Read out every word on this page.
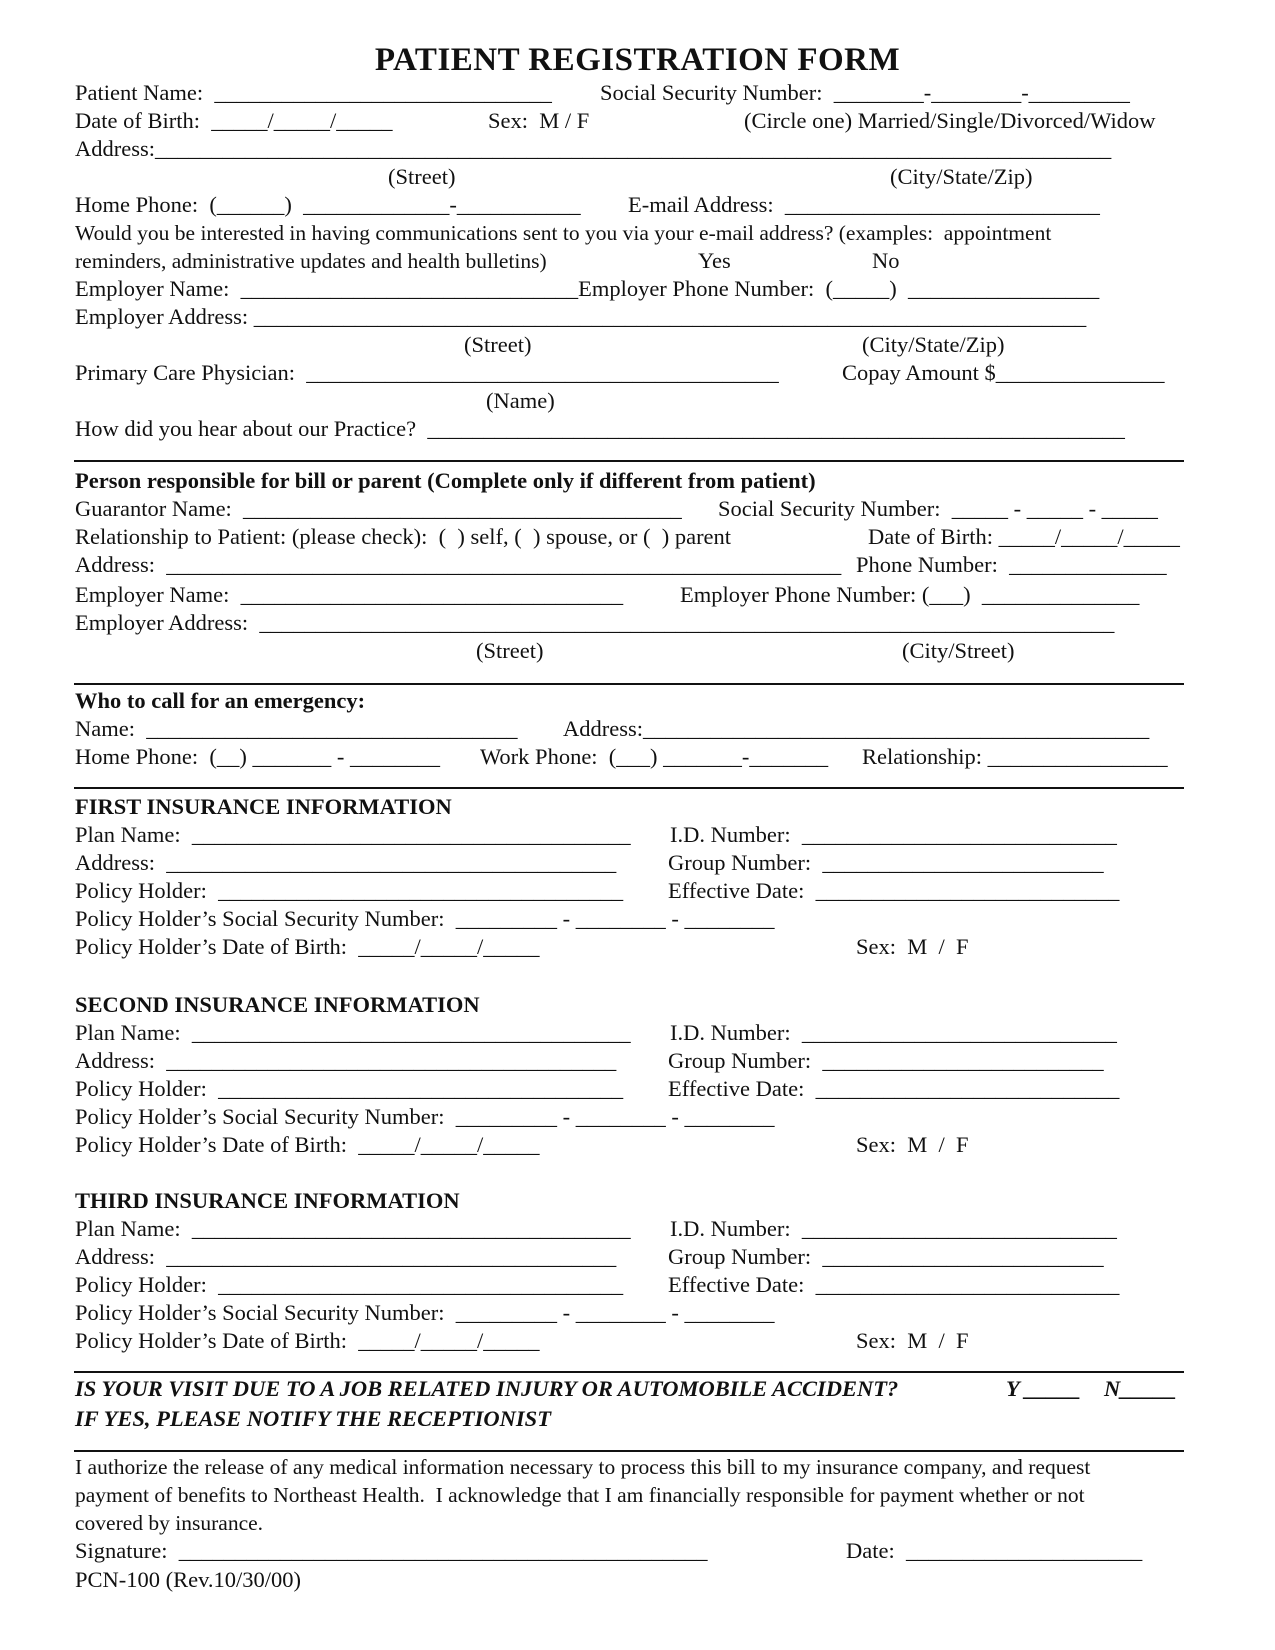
PATIENT REGISTRATION FORM
Patient Name:  ______________________________ Social Security Number:  ________-________-_________
Date of Birth:  _____/_____/_____	Sex:  M / F	(Circle one) Married/Single/Divorced/Widow
Address:_____________________________________________________________________________________
(Street)	(City/State/Zip)
Home Phone:  (______)  _____________-___________ E-mail Address:  ____________________________
Would you be interested in having communications sent to you via your e-mail address? (examples:  appointment
reminders, administrative updates and health bulletins)	Yes	No
Employer Name:  ______________________________Employer Phone Number:  (_____)  _________________
Employer Address: __________________________________________________________________________
(Street)	(City/State/Zip)
Primary Care Physician:  __________________________________________	Copay Amount $_______________
(Name)
How did you hear about our Practice?  ______________________________________________________________
Person responsible for bill or parent (Complete only if different from patient)
Guarantor Name:  _______________________________________ Social Security Number:  _____ - _____ - _____
Relationship to Patient: (please check):  (  ) self, (  ) spouse, or (  ) parent	Date of Birth: _____/_____/_____
Address:  ____________________________________________________________ Phone Number:  ______________
Employer Name:  __________________________________	Employer Phone Number: (___)  ______________
Employer Address:  ____________________________________________________________________________
(Street)	(City/Street)
Who to call for an emergency:
Name:  _________________________________ Address:_____________________________________________
Home Phone:  (__) _______ - ________ Work Phone:  (___) _______-_______ Relationship: ________________
FIRST INSURANCE INFORMATION
Plan Name:  _______________________________________ I.D. Number:  ____________________________
Address:  ________________________________________ Group Number:  _________________________
Policy Holder:  ____________________________________ Effective Date:  ___________________________
Policy Holder’s Social Security Number:  _________ - ________ - ________
Policy Holder’s Date of Birth:  _____/_____/_____	Sex:  M  /  F
SECOND INSURANCE INFORMATION
Plan Name:  _______________________________________ I.D. Number:  ____________________________
Address:  ________________________________________ Group Number:  _________________________
Policy Holder:  ____________________________________ Effective Date:  ___________________________
Policy Holder’s Social Security Number:  _________ - ________ - ________
Policy Holder’s Date of Birth:  _____/_____/_____	Sex:  M  /  F
THIRD INSURANCE INFORMATION
Plan Name:  _______________________________________ I.D. Number:  ____________________________
Address:  ________________________________________ Group Number:  _________________________
Policy Holder:  ____________________________________ Effective Date:  ___________________________
Policy Holder’s Social Security Number:  _________ - ________ - ________
Policy Holder’s Date of Birth:  _____/_____/_____	Sex:  M  /  F
IS YOUR VISIT DUE TO A JOB RELATED INJURY OR AUTOMOBILE ACCIDENT?	Y _____ N_____
IF YES, PLEASE NOTIFY THE RECEPTIONIST
I authorize the release of any medical information necessary to process this bill to my insurance company, and request
payment of benefits to Northeast Health.  I acknowledge that I am financially responsible for payment whether or not
covered by insurance.
Signature:  _______________________________________________	Date:  _____________________
PCN-100 (Rev.10/30/00)
